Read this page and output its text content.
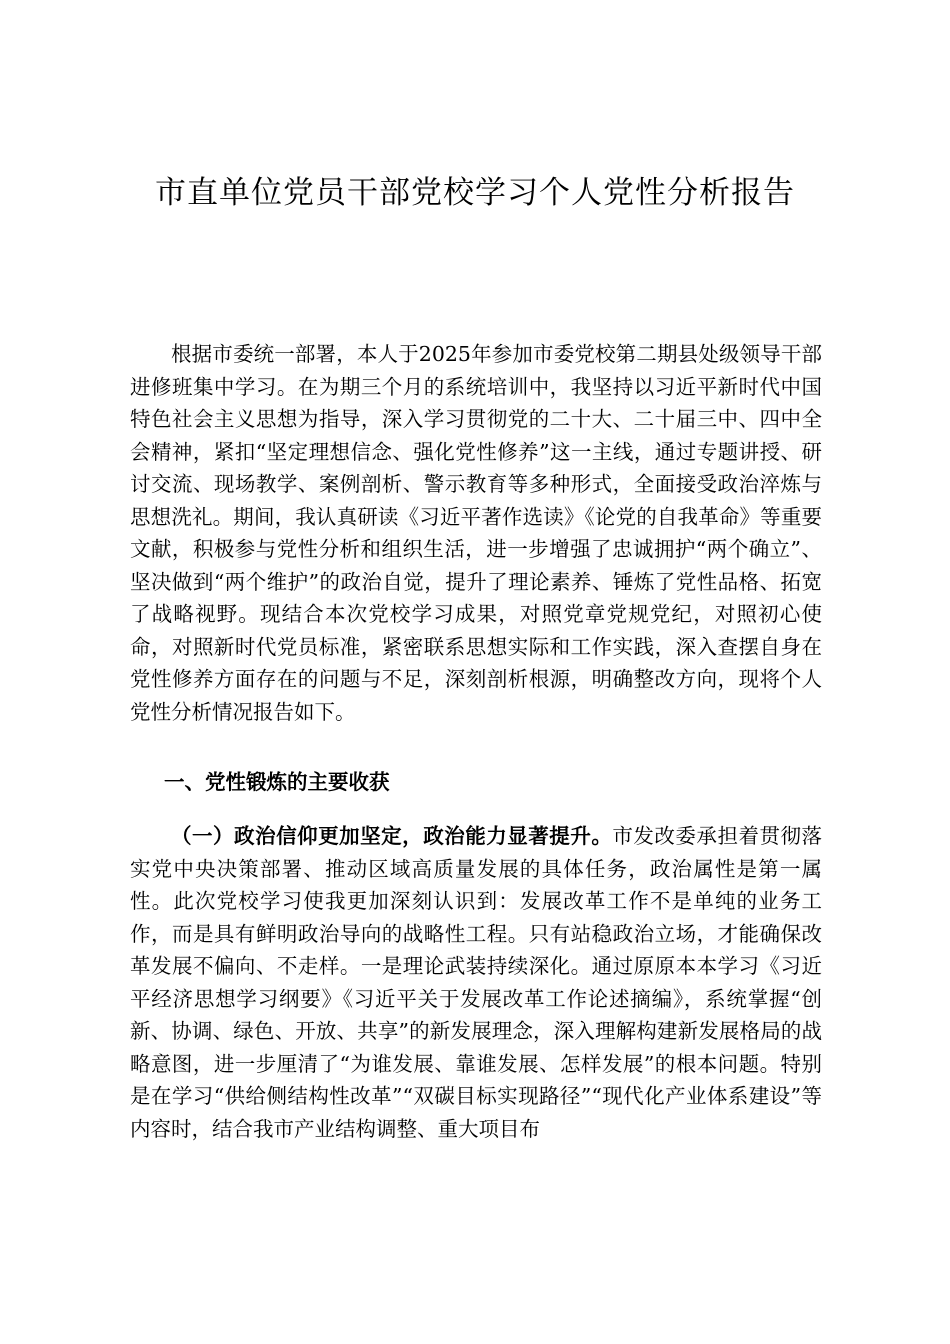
市直单位党员干部党校学习个人党性分析报告

根据市委统一部署，本人于2025年参加市委党校第二期县处级领导干部进修班集中学习。在为期三个月的系统培训中，我坚持以习近平新时代中国特色社会主义思想为指导，深入学习贯彻党的二十大、二十届三中、四中全会精神，紧扣“坚定理想信念、强化党性修养”这一主线，通过专题讲授、研讨交流、现场教学、案例剖析、警示教育等多种形式，全面接受政治淬炼与思想洗礼。期间，我认真研读《习近平著作选读》《论党的自我革命》等重要文献，积极参与党性分析和组织生活，进一步增强了忠诚拥护“两个确立”、坚决做到“两个维护”的政治自觉，提升了理论素养、锤炼了党性品格、拓宽了战略视野。现结合本次党校学习成果，对照党章党规党纪，对照初心使命，对照新时代党员标准，紧密联系思想实际和工作实践，深入查摆自身在党性修养方面存在的问题与不足，深刻剖析根源，明确整改方向，现将个人党性分析情况报告如下。

一、党性锻炼的主要收获

（一）政治信仰更加坚定，政治能力显著提升。市发改委承担着贯彻落实党中央决策部署、推动区域高质量发展的具体任务，政治属性是第一属性。此次党校学习使我更加深刻认识到：发展改革工作不是单纯的业务工作，而是具有鲜明政治导向的战略性工程。只有站稳政治立场，才能确保改革发展不偏向、不走样。一是理论武装持续深化。通过原原本本学习《习近平经济思想学习纲要》《习近平关于发展改革工作论述摘编》，系统掌握“创新、协调、绿色、开放、共享”的新发展理念，深入理解构建新发展格局的战略意图，进一步厘清了“为谁发展、靠谁发展、怎样发展”的根本问题。特别是在学习“供给侧结构性改革”“双碳目标实现路径”“现代化产业体系建设”等内容时，结合我市产业结构调整、重大项目布
